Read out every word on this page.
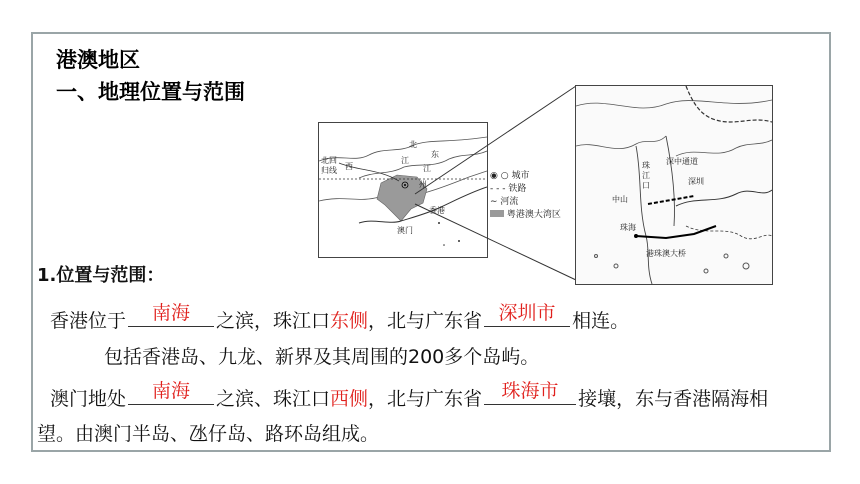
港澳地区
一、地理位置与范围
北回
归线 西
江
北
东
江
州
香港
澳门
◉ ○ 城市
- - - 铁路
∼ 河流
粤港澳大湾区
珠
江
口
深中通道
深圳
中山
珠海
港珠澳大桥
1.位置与范围：
香港位于	南海	之滨，珠江口东侧，北与广东省 深圳市 相连。
包括香港岛、九龙、新界及其周围的200多个岛屿。
澳门地处	南海	之滨、珠江口西侧，北与广东省	珠海市	接壤，东与香港隔海相
望。由澳门半岛、氹仔岛、路环岛组成。
